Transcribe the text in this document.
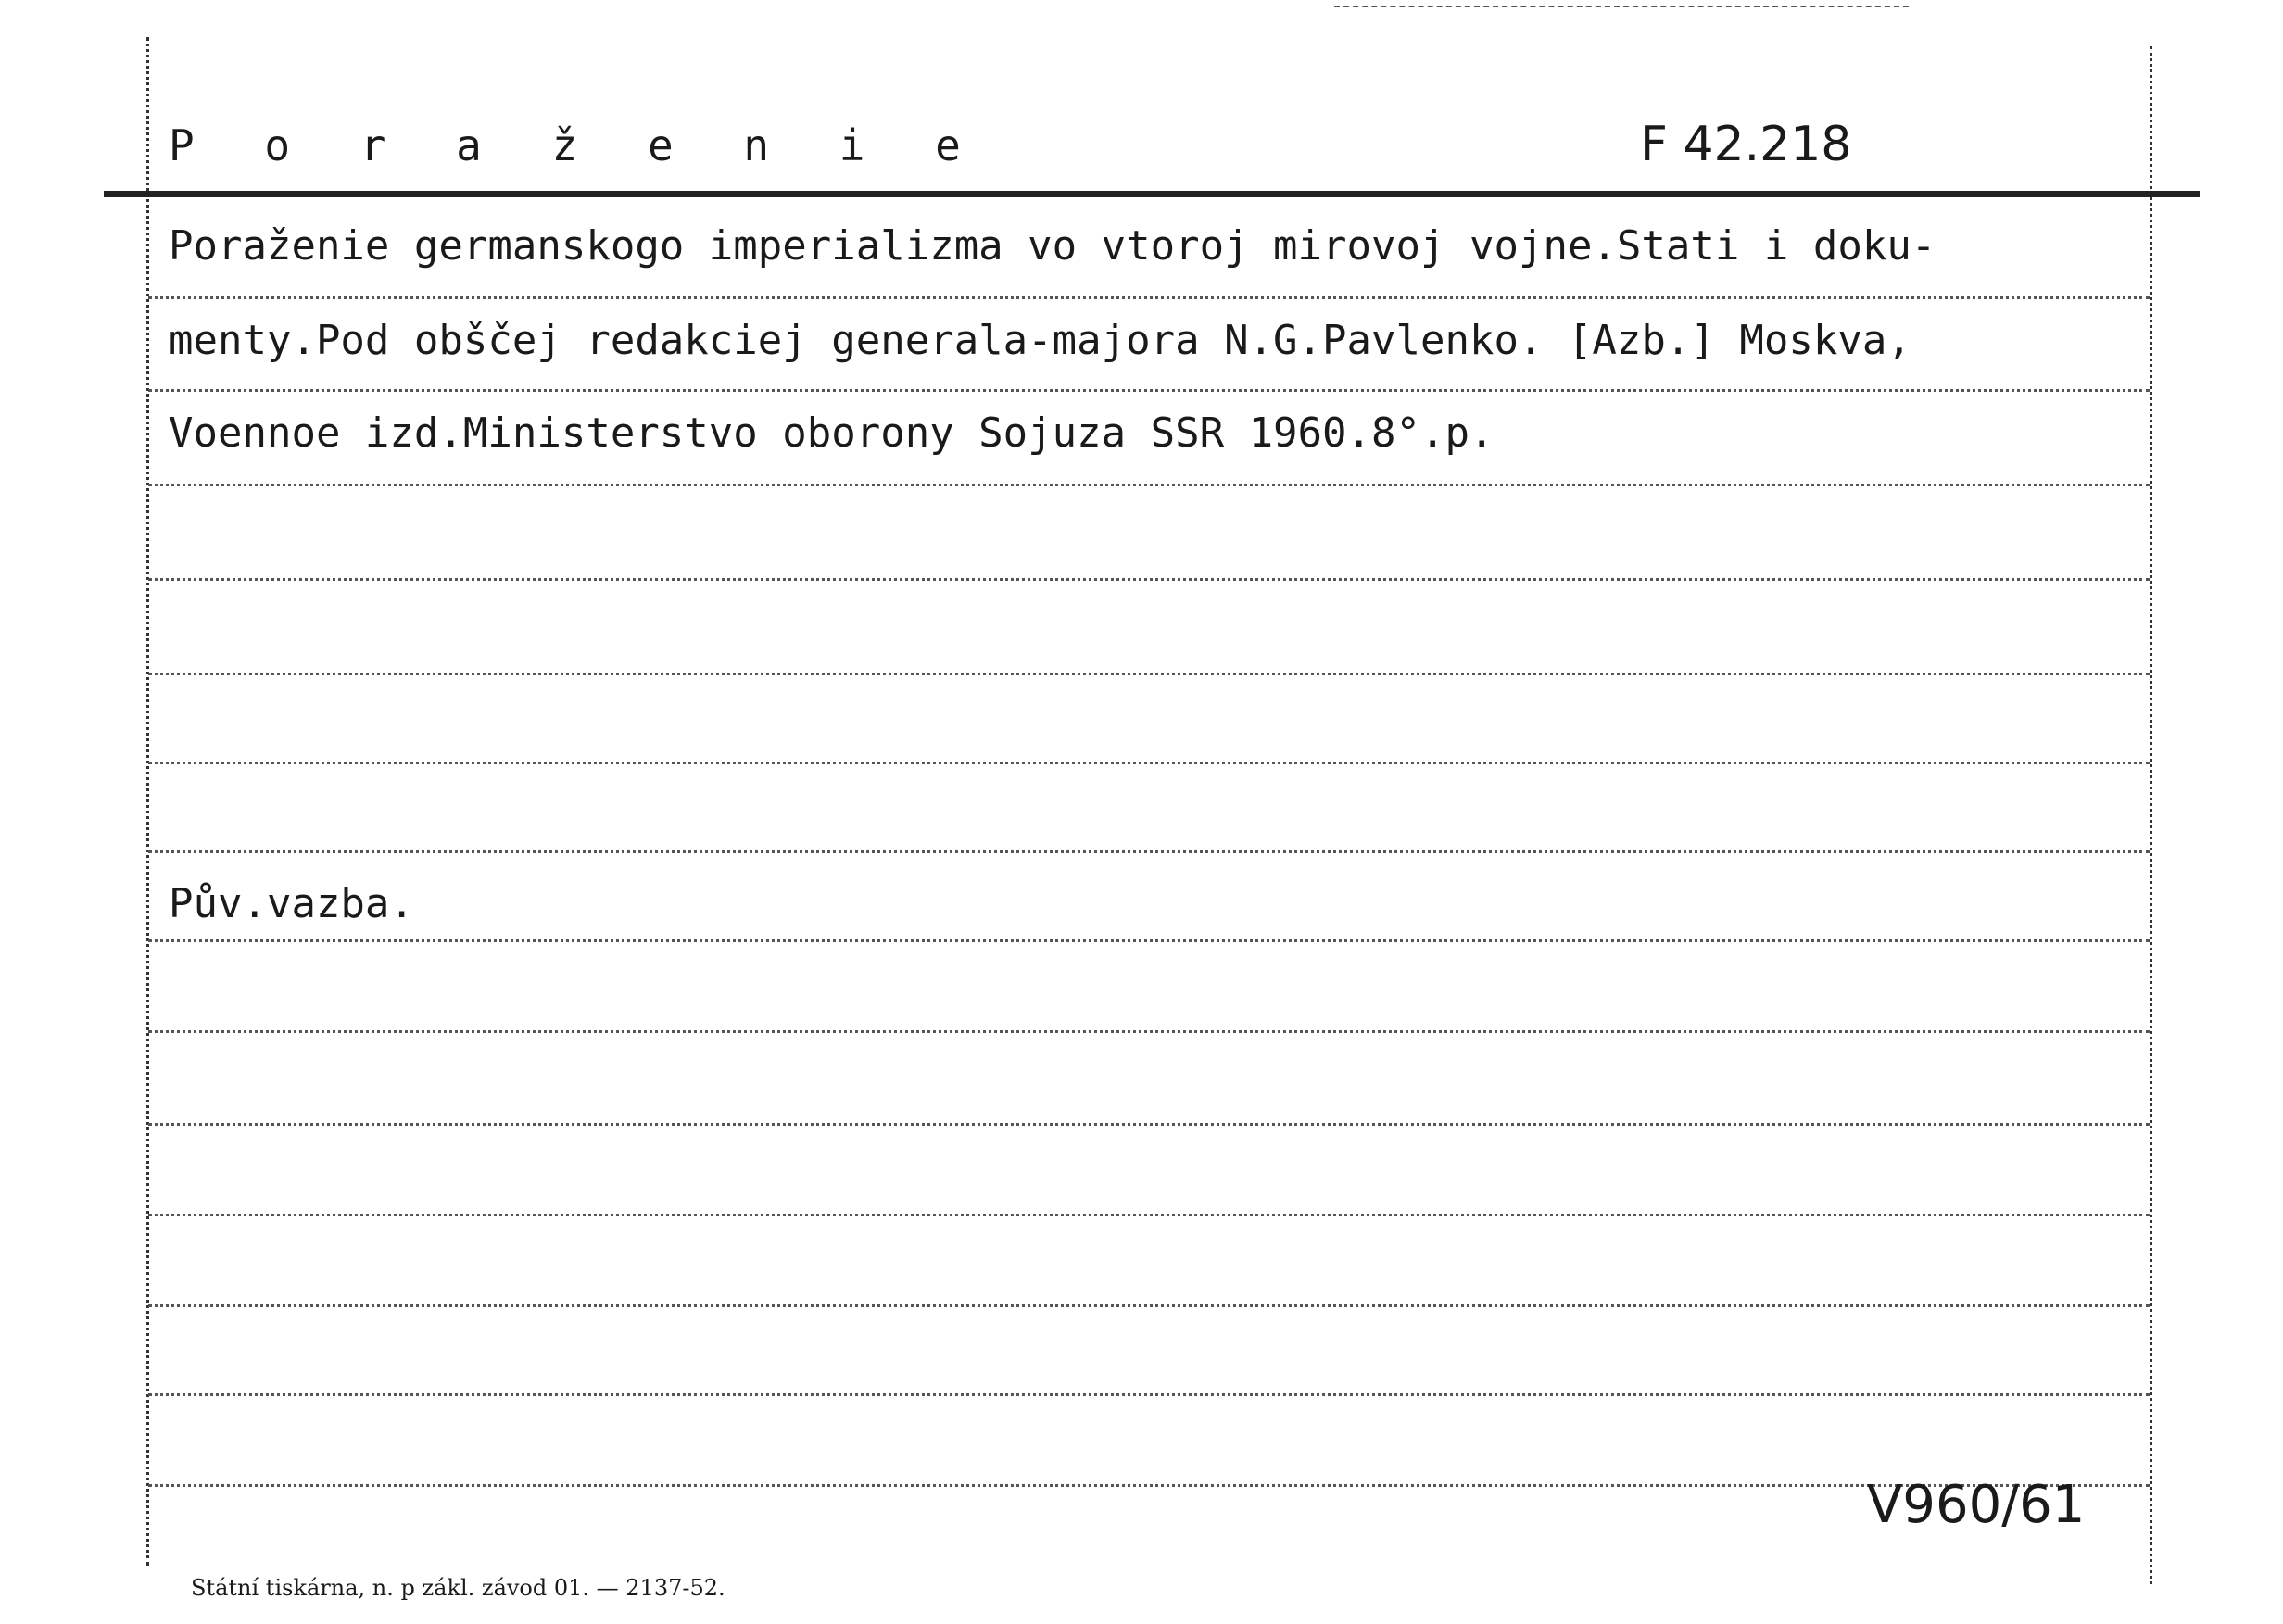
P o r a ž e n i e	F 42.218
Poraženie germanskogo imperializma vo vtoroj mirovoj vojne.Stati i doku-
menty.Pod obščej redakciej generala-majora N.G.Pavlenko. [Azb.] Moskva,
Voennoe izd.Ministerstvo oborony Sojuza SSR 1960.8°.p.
Pův.vazba.
V960/61
Státní tiskárna, n. p zákl. závod 01. — 2137-52.
